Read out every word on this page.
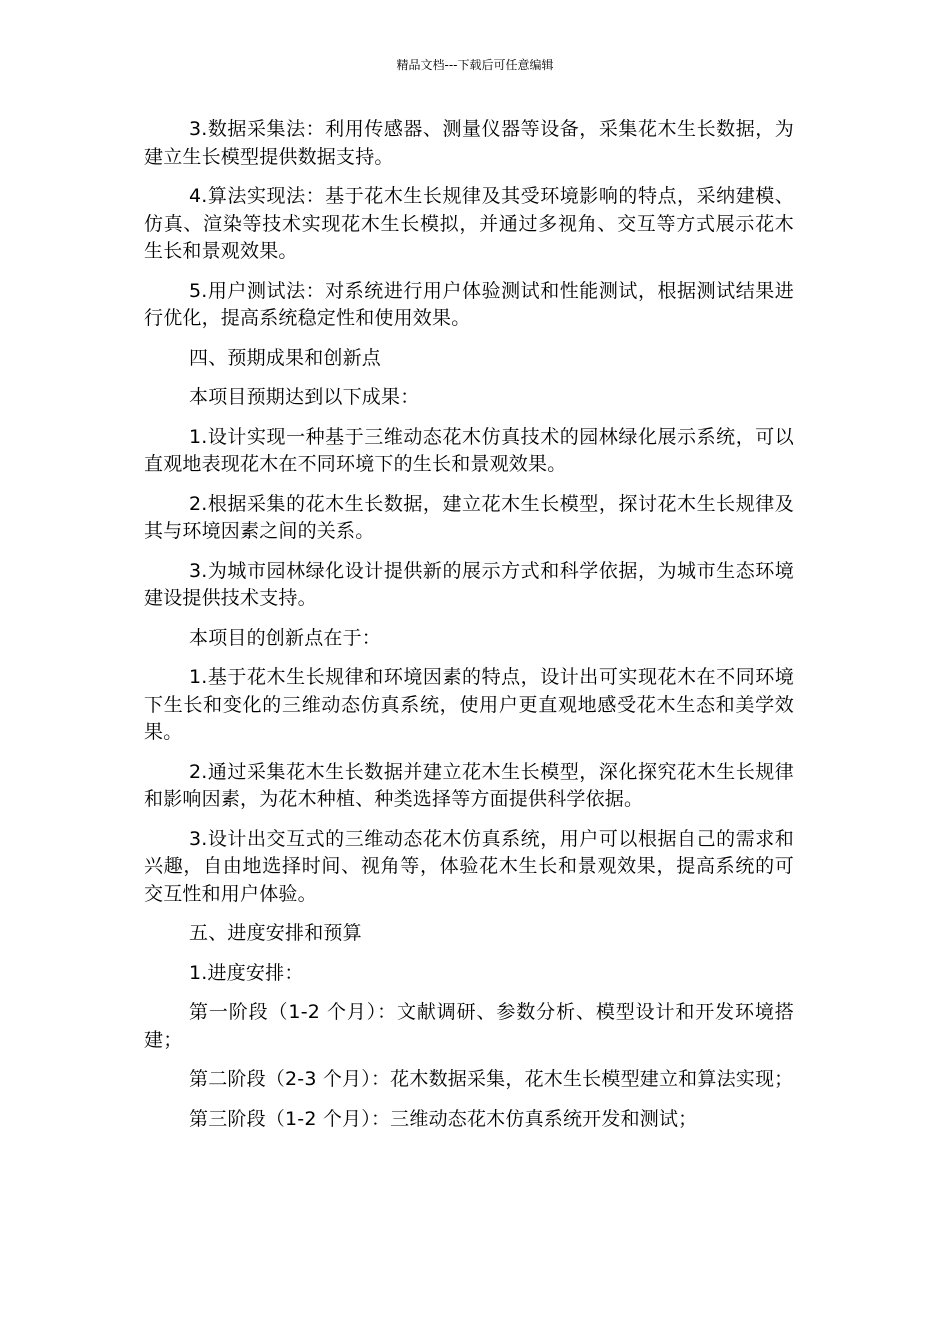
精品文档---下载后可任意编辑

3.数据采集法：利用传感器、测量仪器等设备，采集花木生长数据，为建立生长模型提供数据支持。

4.算法实现法：基于花木生长规律及其受环境影响的特点，采纳建模、仿真、渲染等技术实现花木生长模拟，并通过多视角、交互等方式展示花木生长和景观效果。

5.用户测试法：对系统进行用户体验测试和性能测试，根据测试结果进行优化，提高系统稳定性和使用效果。

四、预期成果和创新点

本项目预期达到以下成果：

1.设计实现一种基于三维动态花木仿真技术的园林绿化展示系统，可以直观地表现花木在不同环境下的生长和景观效果。

2.根据采集的花木生长数据，建立花木生长模型，探讨花木生长规律及其与环境因素之间的关系。

3.为城市园林绿化设计提供新的展示方式和科学依据，为城市生态环境建设提供技术支持。

本项目的创新点在于：

1.基于花木生长规律和环境因素的特点，设计出可实现花木在不同环境下生长和变化的三维动态仿真系统，使用户更直观地感受花木生态和美学效果。

2.通过采集花木生长数据并建立花木生长模型，深化探究花木生长规律和影响因素，为花木种植、种类选择等方面提供科学依据。

3.设计出交互式的三维动态花木仿真系统，用户可以根据自己的需求和兴趣，自由地选择时间、视角等，体验花木生长和景观效果，提高系统的可交互性和用户体验。

五、进度安排和预算

1.进度安排：

第一阶段（1-2 个月）：文献调研、参数分析、模型设计和开发环境搭建；

第二阶段（2-3 个月）：花木数据采集，花木生长模型建立和算法实现；

第三阶段（1-2 个月）：三维动态花木仿真系统开发和测试；
